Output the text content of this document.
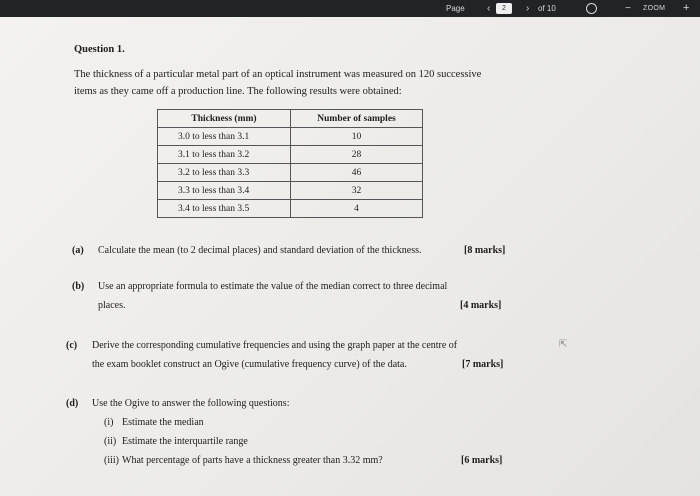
Page ‹	2	› of 10	− ZOOM +
Question 1.
The thickness of a particular metal part of an optical instrument was measured on 120 successive
items as they came off a production line. The following results were obtained:
Thickness (mm)	Number of samples
3.0 to less than 3.1	10
3.1 to less than 3.2	28
3.2 to less than 3.3	46
3.3 to less than 3.4	32
3.4 to less than 3.5	4
(a) Calculate the mean (to 2 decimal places) and standard deviation of the thickness.	[8 marks]
(b) Use an appropriate formula to estimate the value of the median correct to three decimal
places.	[4 marks]
(c) Derive the corresponding cumulative frequencies and using the graph paper at the centre of
the exam booklet construct an Ogive (cumulative frequency curve) of the data.	[7 marks]
(d) Use the Ogive to answer the following questions:
(i) Estimate the median
(ii) Estimate the interquartile range
(iii) What percentage of parts have a thickness greater than 3.32 mm?	[6 marks]
⇱
